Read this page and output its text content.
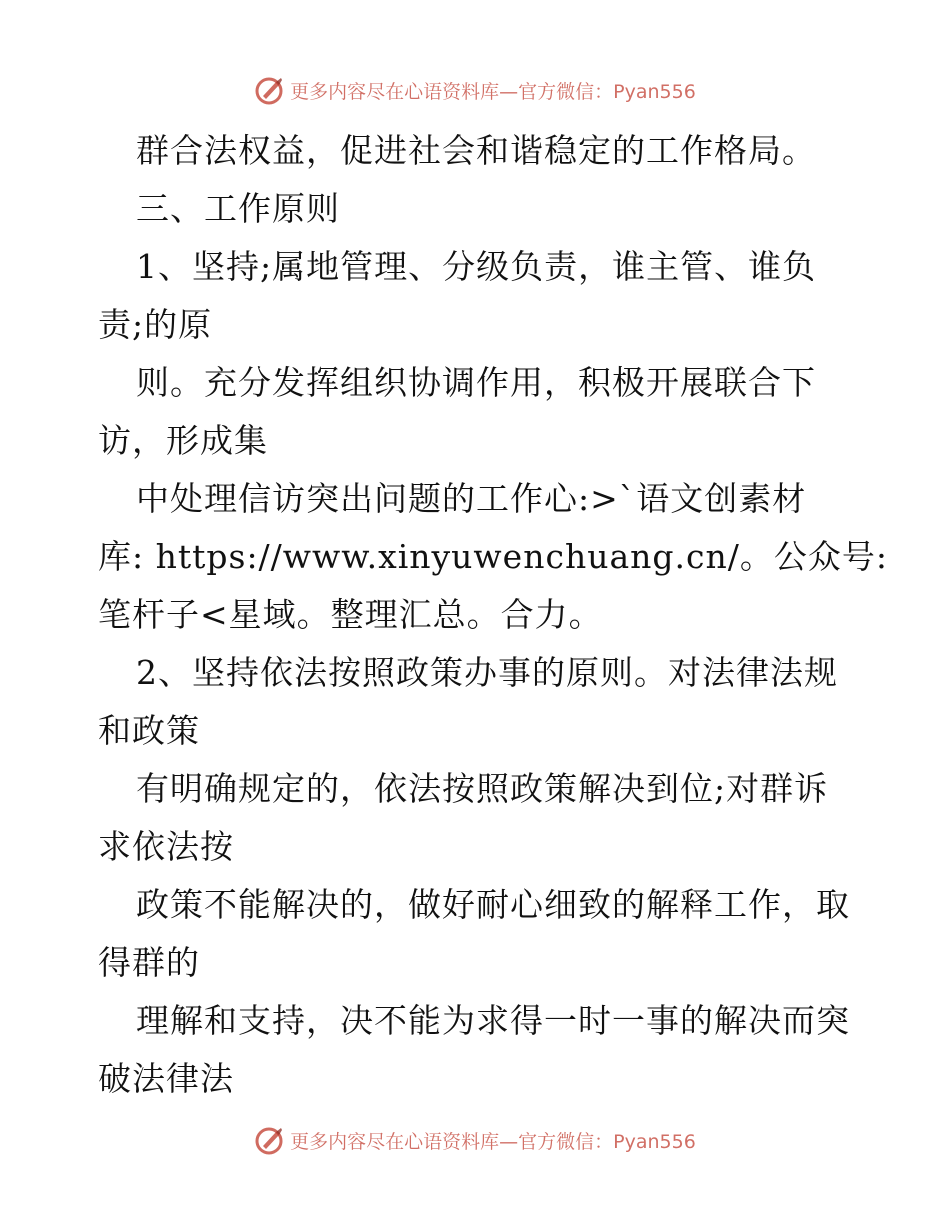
更多内容尽在心语资料库—官方微信：Pyan556
群合法权益，促进社会和谐稳定的工作格局。
三、工作原则
1、坚持;属地管理、分级负责，谁主管、谁负
责;的原
则。充分发挥组织协调作用，积极开展联合下
访，形成集
中处理信访突出问题的工作心:>`语文创素材
库: https://www.xinyuwenchuang.cn/。公众号:
笔杆子<星域。整理汇总。合力。
2、坚持依法按照政策办事的原则。对法律法规
和政策
有明确规定的，依法按照政策解决到位;对群诉
求依法按
政策不能解决的，做好耐心细致的解释工作，取
得群的
理解和支持，决不能为求得一时一事的解决而突
破法律法
更多内容尽在心语资料库—官方微信：Pyan556
